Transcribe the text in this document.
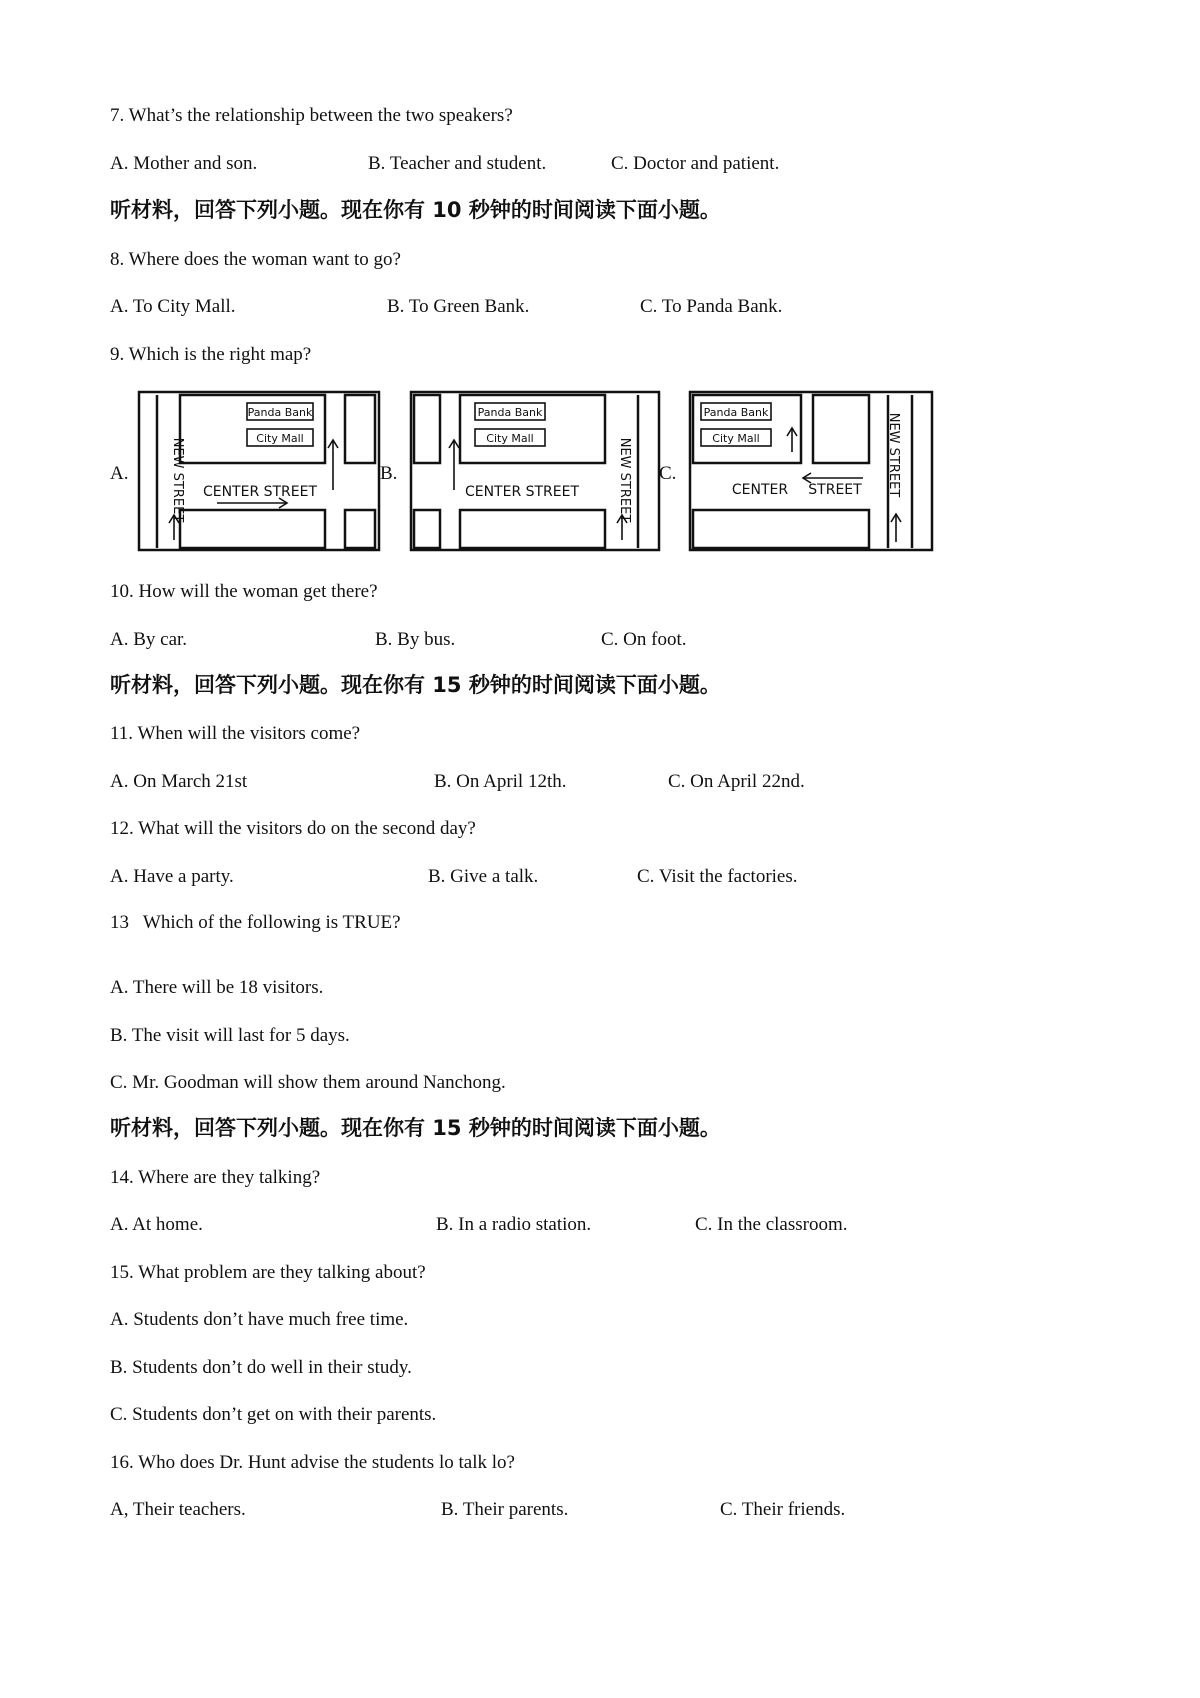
7. What’s the relationship between the two speakers?
A. Mother and son.	B. Teacher and student.	C. Doctor and patient.
听材料，回答下列小题。现在你有 10 秒钟的时间阅读下面小题。
8. Where does the woman want to go?
A. To City Mall.	B. To Green Bank.	C. To Panda Bank.
9. Which is the right map?
A.	B.	C.
Panda Bank
City Mall
CENTER STREET
NEW STREET
Panda Bank
City Mall
CENTER STREET	NEW STREET
Panda Bank
City Mall
CENTER STREET NEW STREET
10. How will the woman get there?
A. By car.	B. By bus.	C. On foot.
听材料，回答下列小题。现在你有 15 秒钟的时间阅读下面小题。
11. When will the visitors come?
A. On March 21st	B. On April 12th.	C. On April 22nd.
12. What will the visitors do on the second day?
A. Have a party.	B. Give a talk.	C. Visit the factories.
13   Which of the following is TRUE?
A. There will be 18 visitors.
B. The visit will last for 5 days.
C. Mr. Goodman will show them around Nanchong.
听材料，回答下列小题。现在你有 15 秒钟的时间阅读下面小题。
14. Where are they talking?
A. At home.	B. In a radio station.	C. In the classroom.
15. What problem are they talking about?
A. Students don’t have much free time.
B. Students don’t do well in their study.
C. Students don’t get on with their parents.
16. Who does Dr. Hunt advise the students lo talk lo?
A, Their teachers.	B. Their parents.	C. Their friends.
